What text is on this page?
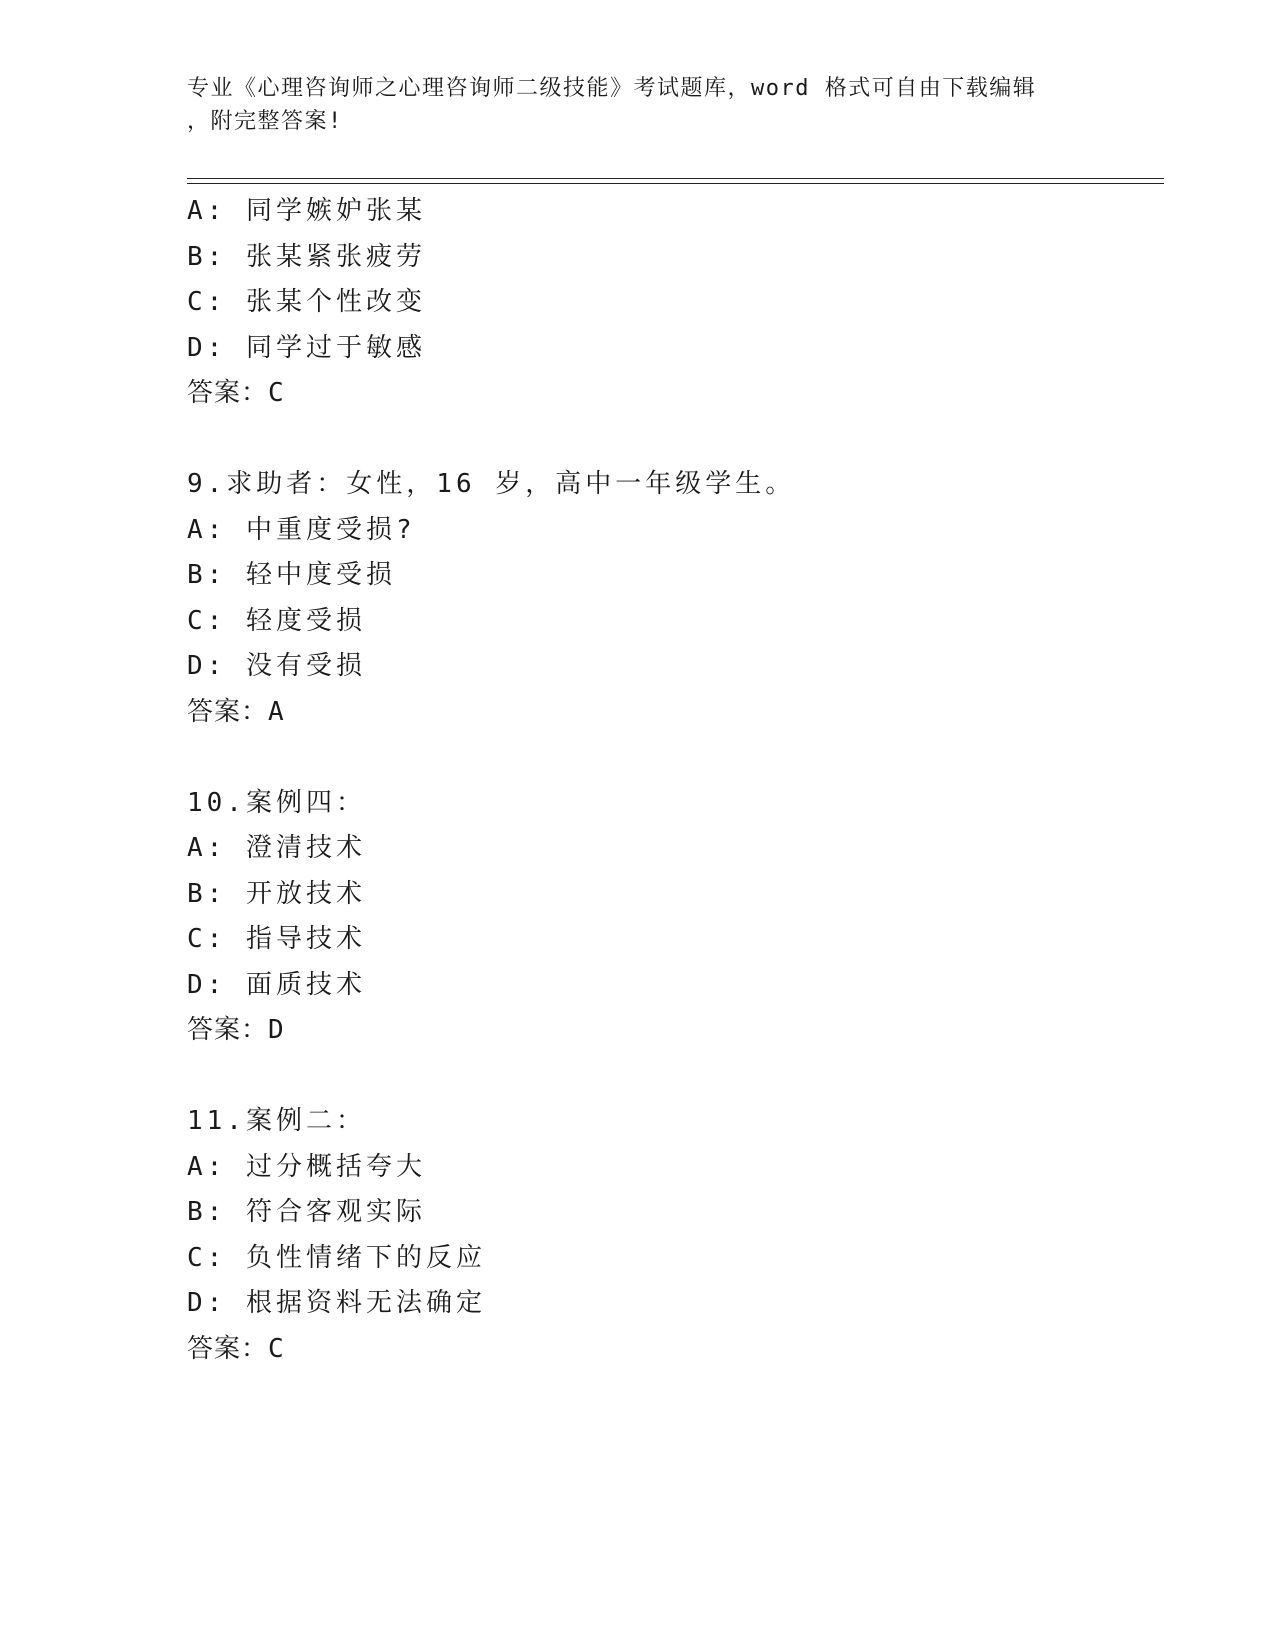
专业《心理咨询师之心理咨询师二级技能》考试题库，word 格式可自由下载编辑
，附完整答案!
A: 同学嫉妒张某
B: 张某紧张疲劳
C: 张某个性改变
D: 同学过于敏感
答案：C
9.求助者：女性，16 岁，高中一年级学生。
A: 中重度受损?
B: 轻中度受损
C: 轻度受损
D: 没有受损
答案：A
10.案例四：
A: 澄清技术
B: 开放技术
C: 指导技术
D: 面质技术
答案：D
11.案例二：
A: 过分概括夸大
B: 符合客观实际
C: 负性情绪下的反应
D: 根据资料无法确定
答案：C
